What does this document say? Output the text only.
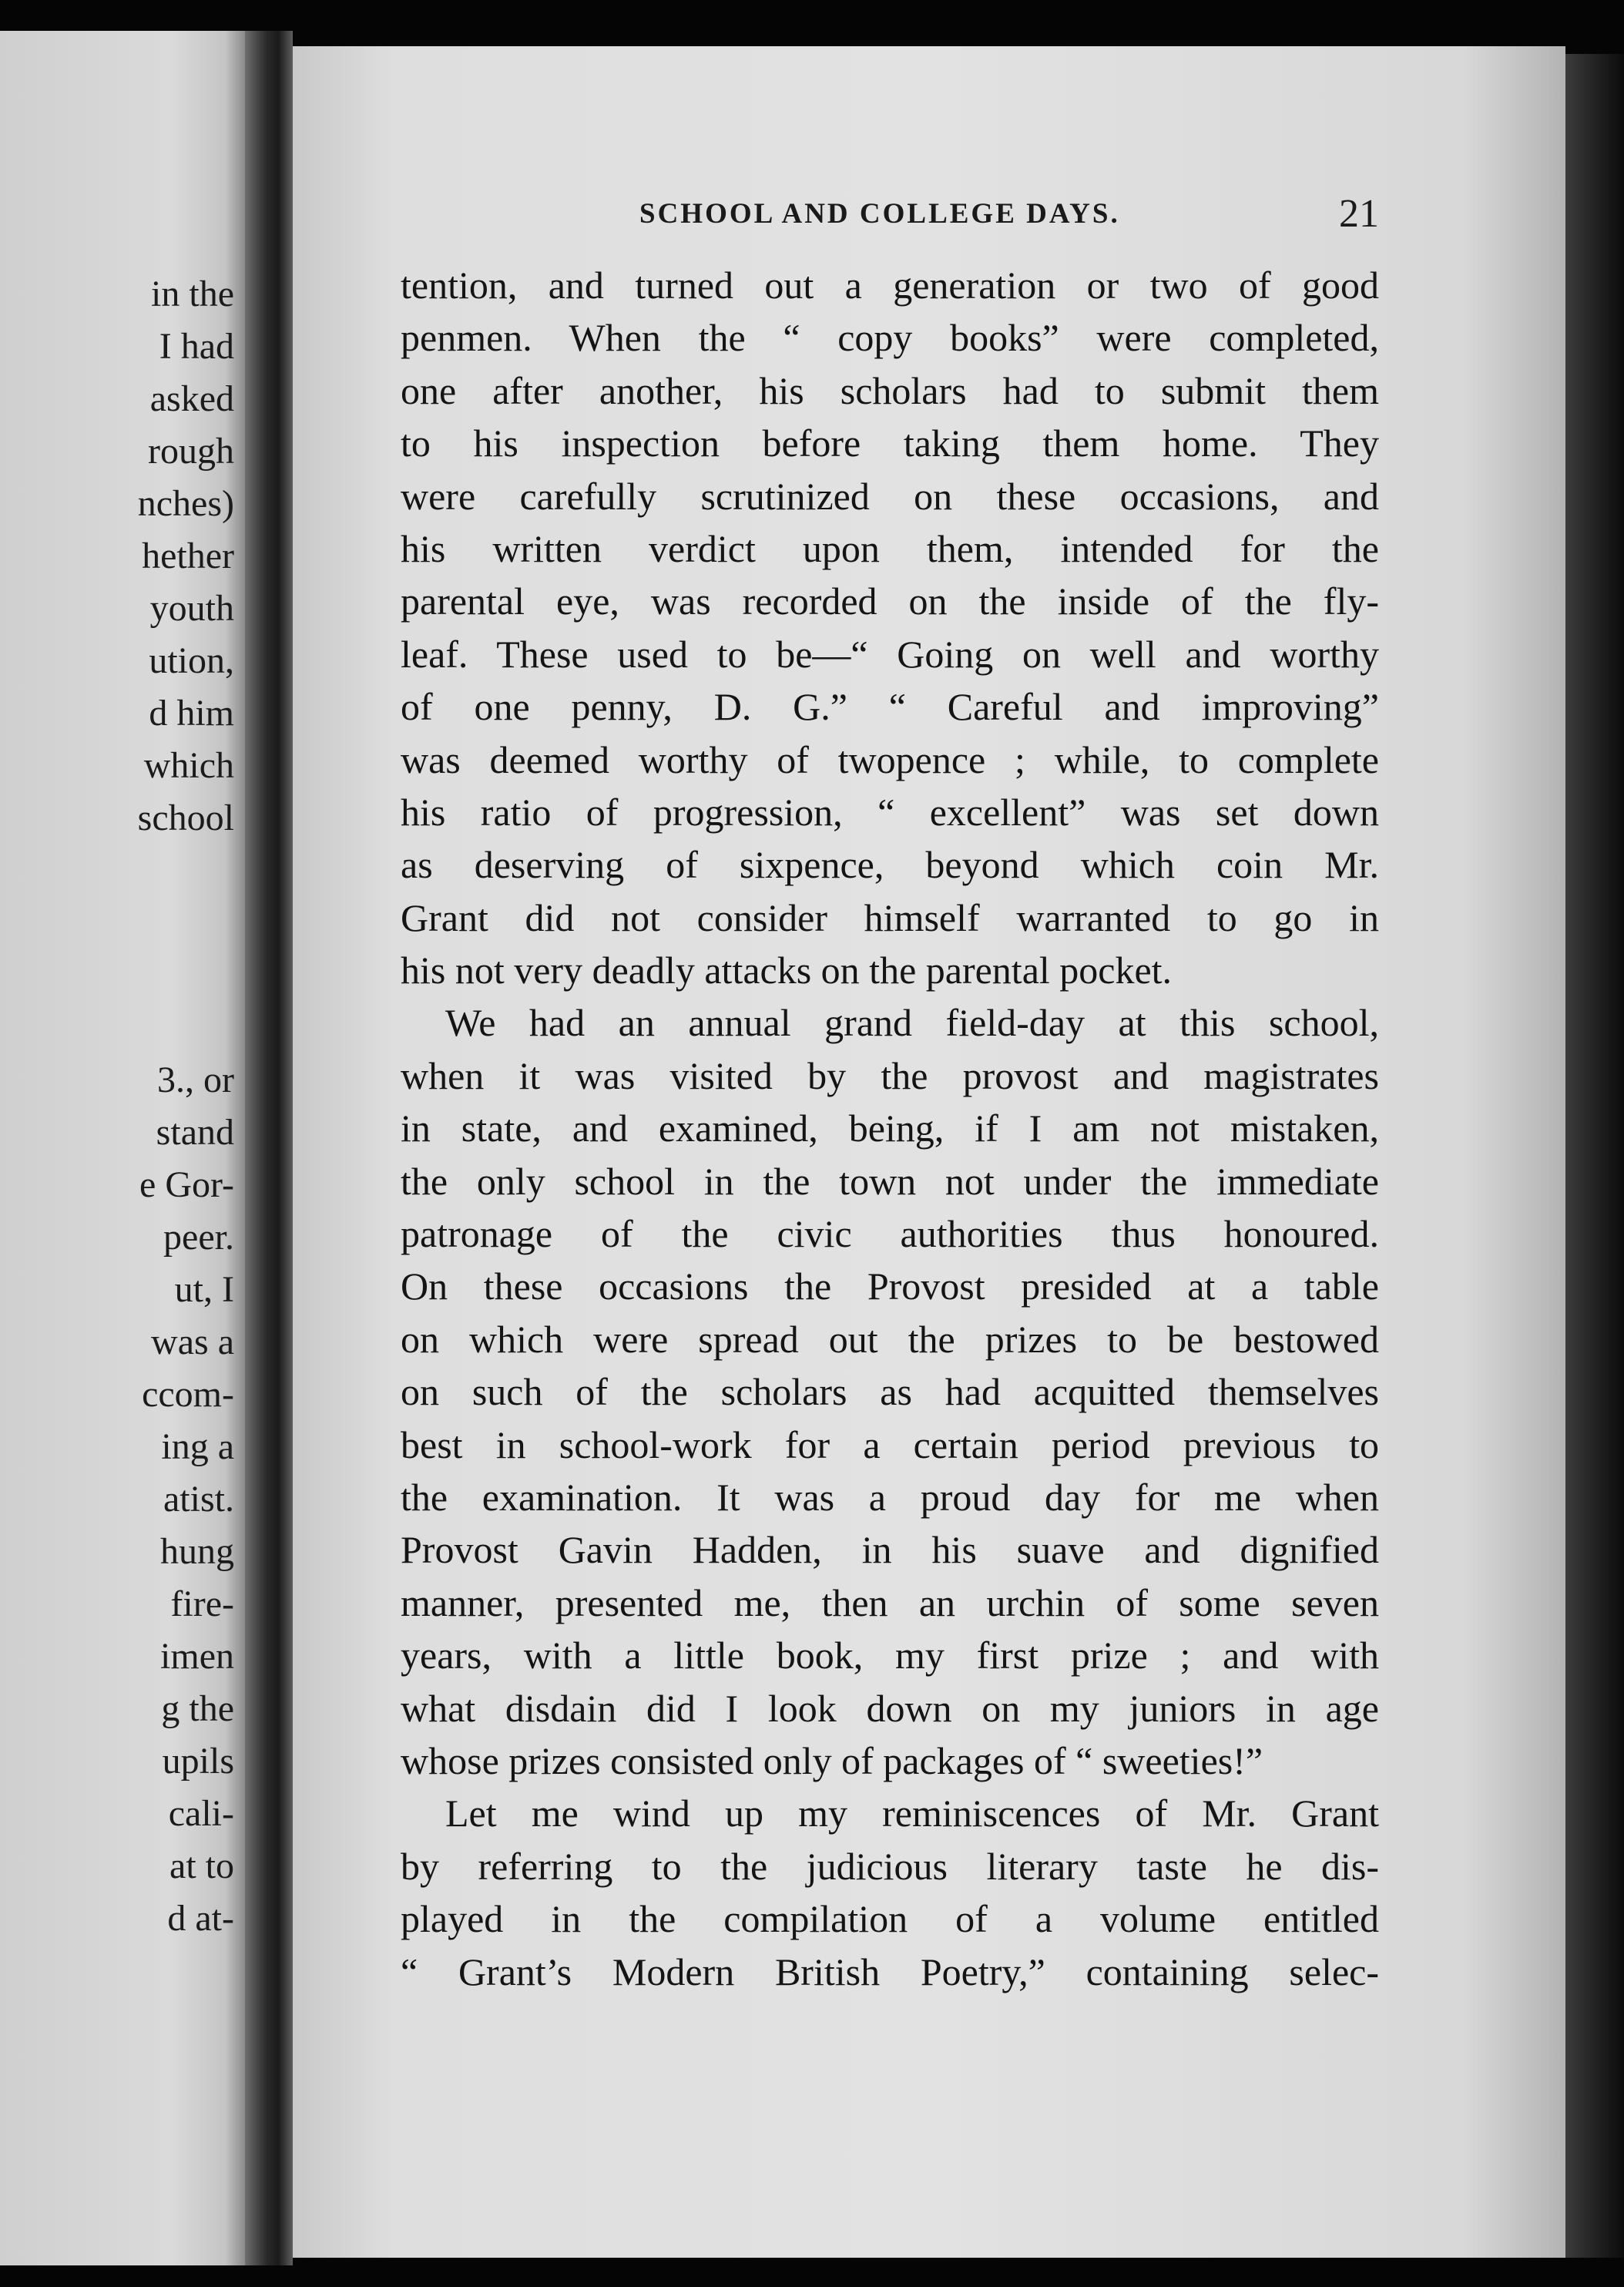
in the
I had
asked
rough
nches)
hether
youth
ution,
d him
which
school
3., or
stand
e Gor-
peer.
ut, I
was a
ccom-
ing a
atist.
hung
fire-
imen
g the
upils
cali-
at to
d at-
SCHOOL AND COLLEGE DAYS.	21
tention, and turned out a generation or two of good
penmen. When the “ copy books” were completed,
one after another, his scholars had to submit them
to his inspection before taking them home. They
were carefully scrutinized on these occasions, and
his written verdict upon them, intended for the
parental eye, was recorded on the inside of the fly-
leaf. These used to be—“ Going on well and worthy
of one penny, D. G.” “ Careful and improving”
was deemed worthy of twopence ; while, to complete
his ratio of progression, “ excellent” was set down
as deserving of sixpence, beyond which coin Mr.
Grant did not consider himself warranted to go in
his not very deadly attacks on the parental pocket.
We had an annual grand field-day at this school,
when it was visited by the provost and magistrates
in state, and examined, being, if I am not mistaken,
the only school in the town not under the immediate
patronage of the civic authorities thus honoured.
On these occasions the Provost presided at a table
on which were spread out the prizes to be bestowed
on such of the scholars as had acquitted themselves
best in school-work for a certain period previous to
the examination. It was a proud day for me when
Provost Gavin Hadden, in his suave and dignified
manner, presented me, then an urchin of some seven
years, with a little book, my first prize ; and with
what disdain did I look down on my juniors in age
whose prizes consisted only of packages of “ sweeties!”
Let me wind up my reminiscences of Mr. Grant
by referring to the judicious literary taste he dis-
played in the compilation of a volume entitled
“ Grant’s Modern British Poetry,” containing selec-
